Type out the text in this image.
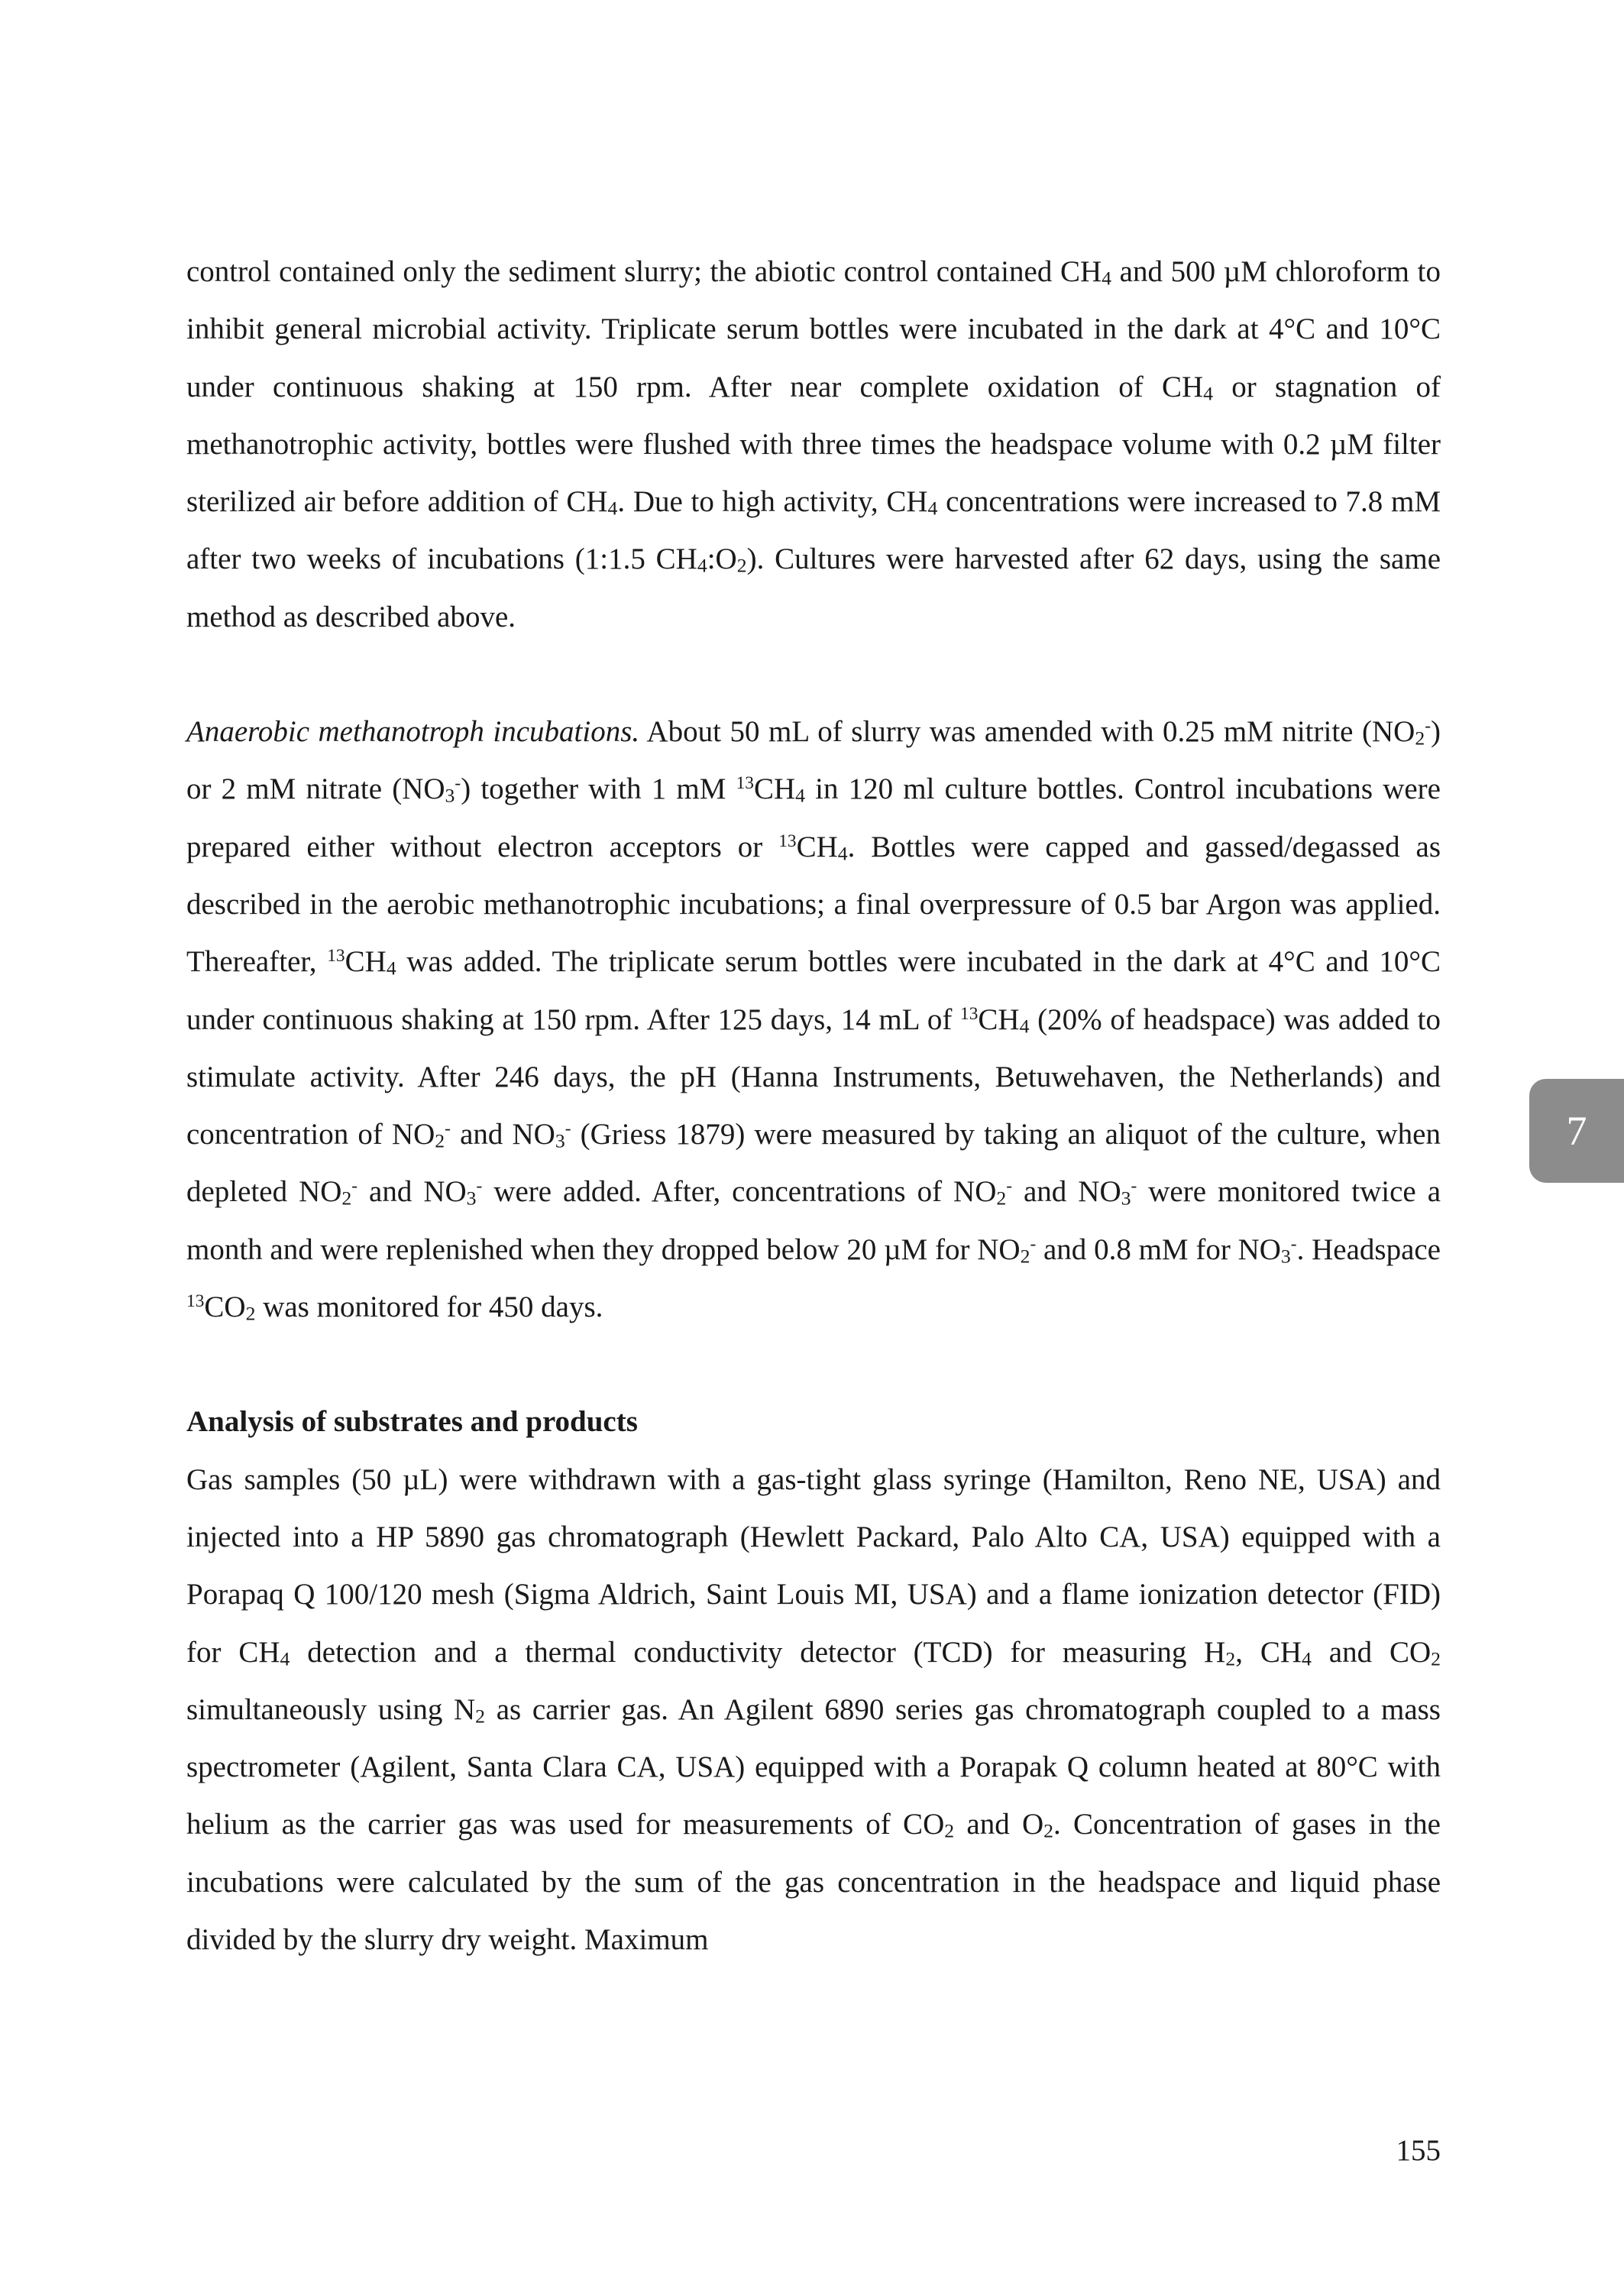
control contained only the sediment slurry; the abiotic control contained $CH_4$ and 500 µM chloroform to inhibit general microbial activity. Triplicate serum bottles were incubated in the dark at 4°C and 10°C under continuous shaking at 150 rpm. After near complete oxidation of $CH_4$ or stagnation of methanotrophic activity, bottles were flushed with three times the headspace volume with 0.2 µM filter sterilized air before addition of $CH_4$. Due to high activity, $CH_4$ concentrations were increased to 7.8 mM after two weeks of incubations (1:1.5 $CH_4:O_2$). Cultures were harvested after 62 days, using the same method as described above.

Anaerobic methanotroph incubations. About 50 mL of slurry was amended with 0.25 mM nitrite $(NO_2^-)$ or 2 mM nitrate $(NO_3^-)$ together with 1 mM $^{13}CH_4$ in 120 ml culture bottles. Control incubations were prepared either without electron acceptors or $^{13}CH_4$. Bottles were capped and gassed/degassed as described in the aerobic methanotrophic incubations; a final overpressure of 0.5 bar Argon was applied. Thereafter, $^{13}CH_4$ was added. The triplicate serum bottles were incubated in the dark at 4°C and 10°C under continuous shaking at 150 rpm. After 125 days, 14 mL of $^{13}CH_4$ (20% of headspace) was added to stimulate activity. After 246 days, the pH (Hanna Instruments, Betuwehaven, the Netherlands) and concentration of $NO_2^-$ and $NO_3^-$ (Griess 1879) were measured by taking an aliquot of the culture, when depleted $NO_2^-$ and $NO_3^-$ were added. After, concentrations of $NO_2^-$ and $NO_3^-$ were monitored twice a month and were replenished when they dropped below 20 µM for $NO_2^-$ and 0.8 mM for $NO_3^-$. Headspace $^{13}CO_2$ was monitored for 450 days.

Analysis of substrates and products
Gas samples (50 µL) were withdrawn with a gas-tight glass syringe (Hamilton, Reno NE, USA) and injected into a HP 5890 gas chromatograph (Hewlett Packard, Palo Alto CA, USA) equipped with a Porapaq Q 100/120 mesh (Sigma Aldrich, Saint Louis MI, USA) and a flame ionization detector (FID) for $CH_4$ detection and a thermal conductivity detector (TCD) for measuring $H_2$, $CH_4$ and $CO_2$ simultaneously using $N_2$ as carrier gas. An Agilent 6890 series gas chromatograph coupled to a mass spectrometer (Agilent, Santa Clara CA, USA) equipped with a Porapak Q column heated at 80°C with helium as the carrier gas was used for measurements of $CO_2$ and $O_2$. Concentration of gases in the incubations were calculated by the sum of the gas concentration in the headspace and liquid phase divided by the slurry dry weight. Maximum

7
155
